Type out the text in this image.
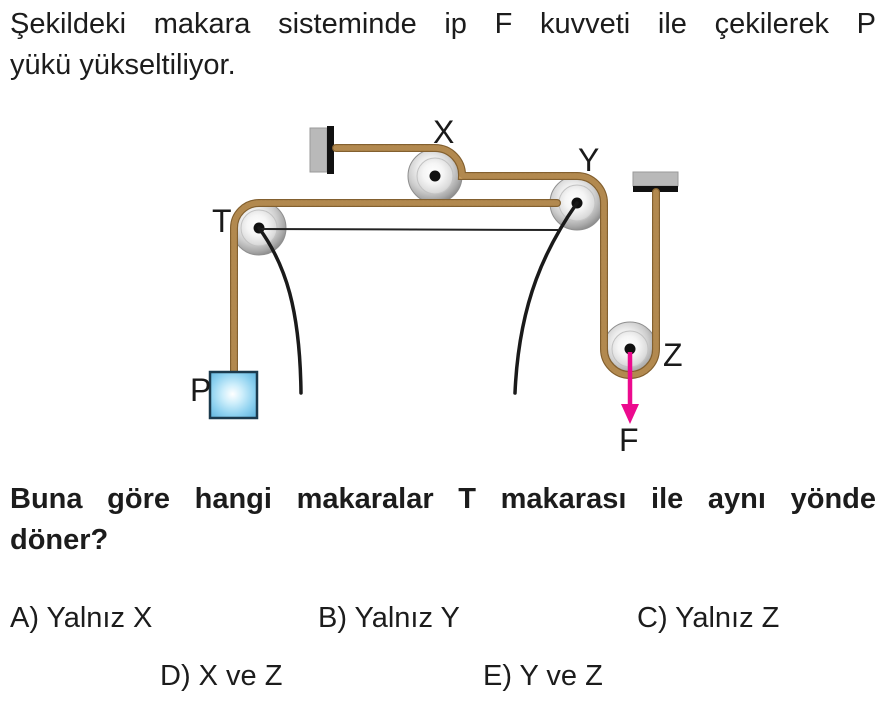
Şekildeki makara sisteminde ip F kuvveti ile çekilerek P
yükü yükseltiliyor.
X
Y
T
Z
P
F
Buna göre hangi makaralar T makarası ile aynı yönde
döner?
A) Yalnız X	B) Yalnız Y	C) Yalnız Z
D) X ve Z	E) Y ve Z
